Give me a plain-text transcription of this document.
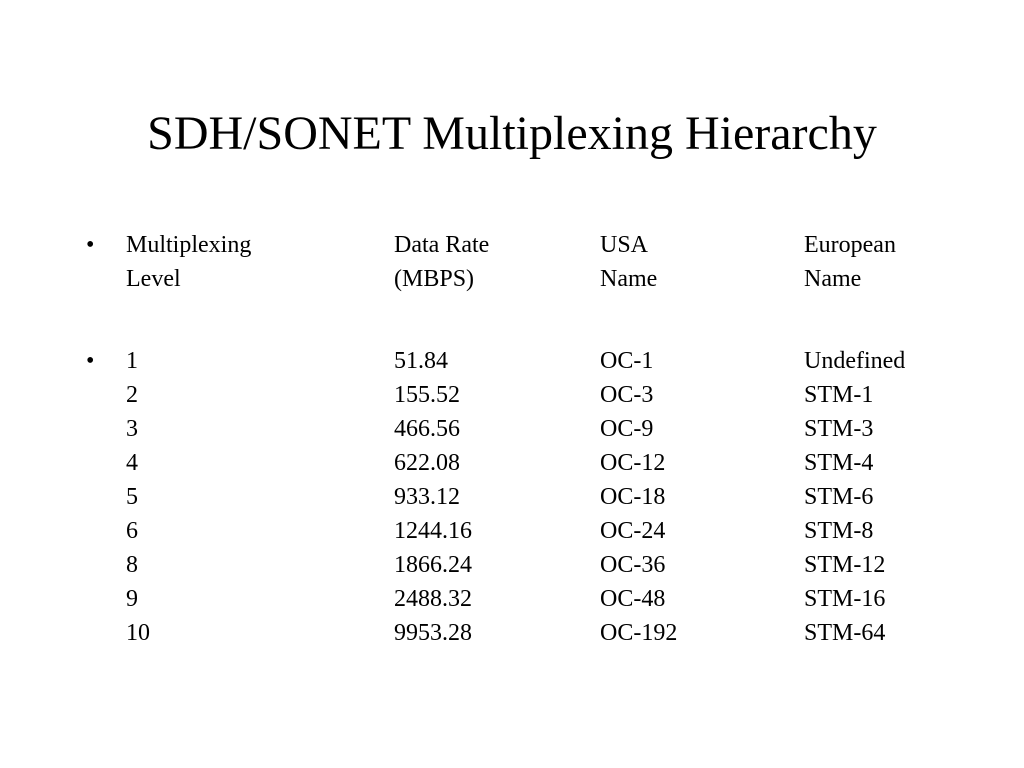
SDH/SONET Multiplexing Hierarchy
• Multiplexing
Level
Data Rate
(MBPS)
USA
Name
European
Name
• 1
2
3
4
5
6
8
9
10
51.84
155.52
466.56
622.08
933.12
1244.16
1866.24
2488.32
9953.28
OC-1
OC-3
OC-9
OC-12
OC-18
OC-24
OC-36
OC-48
OC-192
Undefined
STM-1
STM-3
STM-4
STM-6
STM-8
STM-12
STM-16
STM-64
